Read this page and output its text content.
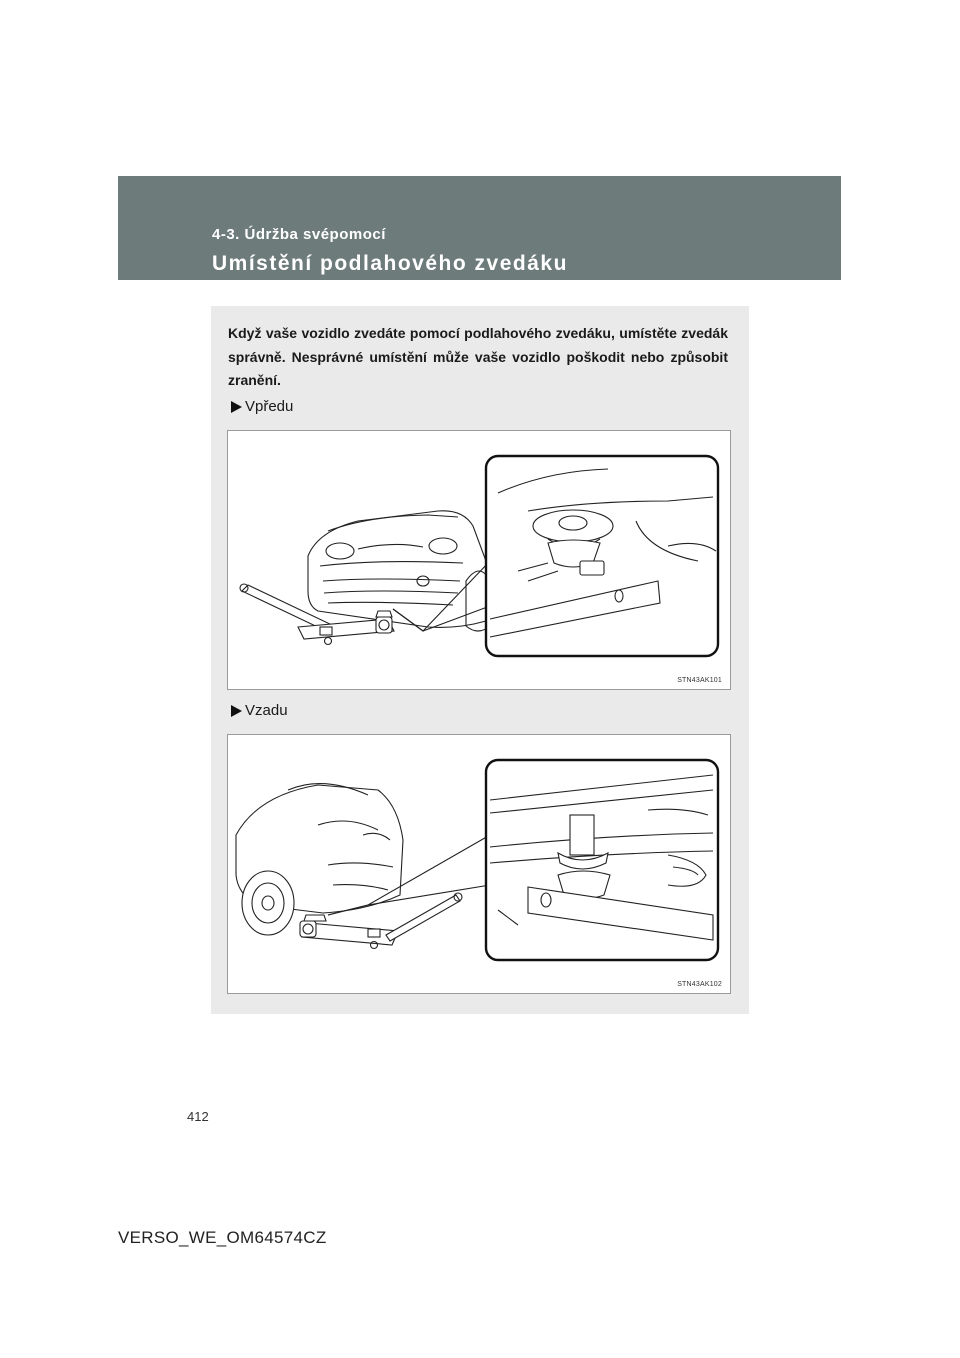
4-3. Údržba svépomocí
Umístění podlahového zvedáku
Když vaše vozidlo zvedáte pomocí podlahového zvedáku, umístěte zvedák správně. Nesprávné umístění může vaše vozidlo poškodit nebo způsobit zranění.
Vpředu
STN43AK101
Vzadu
STN43AK102
412
VERSO_WE_OM64574CZ
